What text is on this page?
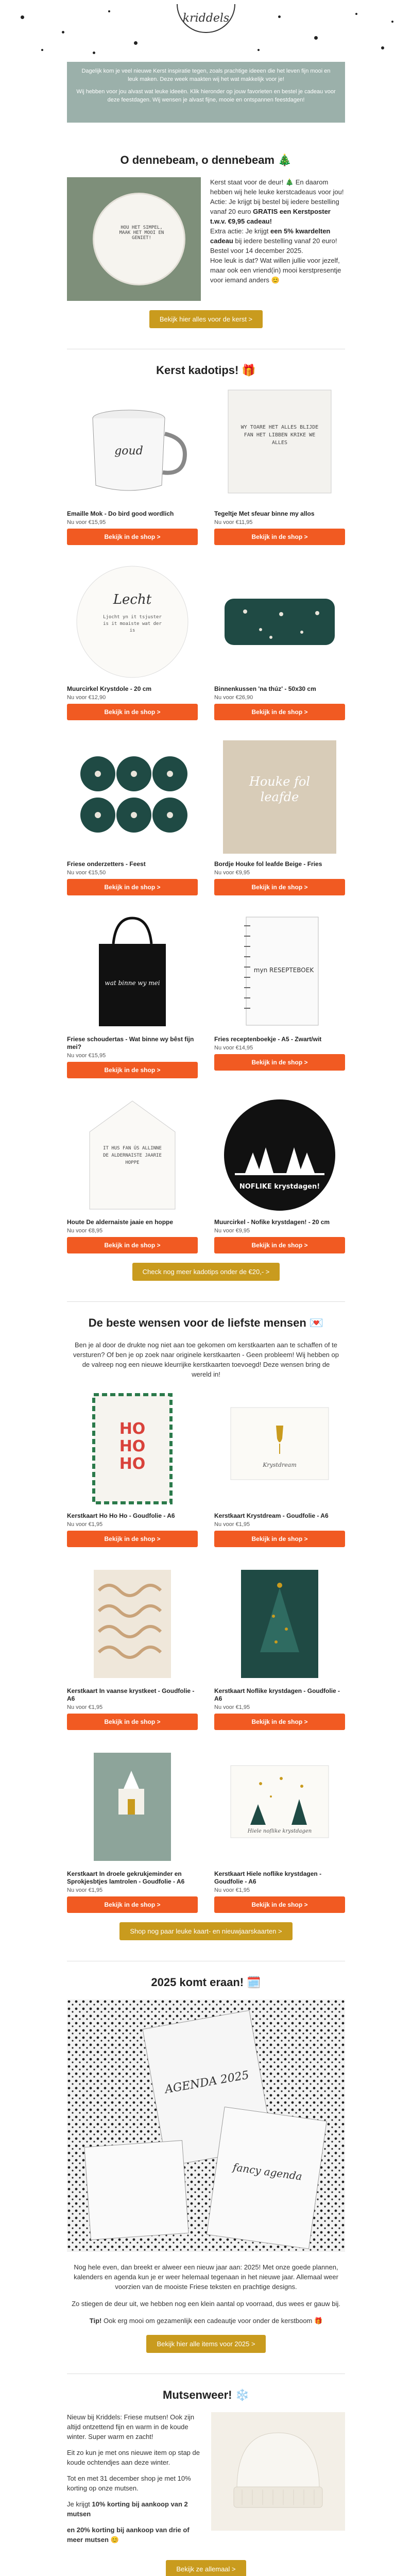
kriddels

Dagelijk kom je veel nieuwe Kerst inspiratie tegen, zoals prachtige ideeen die het leven fijn mooi en leuk maken. Deze week maakten wij het wat makkelijk voor je!

Wij hebben voor jou alvast wat leuke ideeën. Klik hieronder op jouw favorieten en bestel je cadeau voor deze feestdagen. Wij wensen je alvast fijne, mooie en ontspannen feestdagen!

O dennebeam, o dennebeam 🎄
HOU HET SIMPEL, MAAK HET MOOI EN GENIET!

Kerst staat voor de deur! 🎄 En daarom hebben wij hele leuke kerstcadeaus voor jou!

Actie: Je krijgt bij bestel bij iedere bestelling vanaf 20 euro GRATIS een Kerstposter t.w.v. €9,95 cadeau!

Extra actie: Je krijgt een 5% kwardelten cadeau bij iedere bestelling vanaf 20 euro! Bestel voor 14 december 2025.

Hoe leuk is dat? Wat willen jullie voor jezelf, maar ook een vriend(in) mooi kerstpresentje voor iemand anders 😊

Bekijk hier alles voor de kerst >
Kerst kadotips! 🎁
goud
Emaille Mok - Do bird good wordlich
Nu voor €15,95
Bekijk in de shop >
WY TOARE HET ALLES BLIJDE FAN HET LIBBEN KRIKE WE ALLES
Tegeltje Met sfeuar binne my allos
Nu voor €11,95
Bekijk in de shop >
Lecht
Ljocht yn it tsjuster is it moaiste wat der is
Muurcirkel Krystdole - 20 cm
Nu voor €12,90
Bekijk in de shop >
Binnenkussen 'na thúz' - 50x30 cm
Nu voor €26,90
Bekijk in de shop >
Friese onderzetters - Feest
Nu voor €15,50
Bekijk in de shop >
Houke fol leafde
Bordje Houke fol leafde Beige - Fries
Nu voor €9,95
Bekijk in de shop >
wat binne wy mei
Friese schoudertas - Wat binne wy bêst fijn mei?
Nu voor €15,95
Bekijk in de shop >
myn RESEPTEBOEK
Fries receptenboekje - A5 - Zwart/wit
Nu voor €14,95
Bekijk in de shop >
IT HUS FAN ÚS ALLINNE DE ALDERNAISTE JAARIE HOPPE
Houte De aldernaiste jaaie en hoppe
Nu voor €8,95
Bekijk in de shop >
NOFLIKE krystdagen!
Muurcirkel - Nofike krystdagen! - 20 cm
Nu voor €9,95
Bekijk in de shop >
Check nog meer kadotips onder de €20,- >
De beste wensen voor de liefste mensen 💌
Ben je al door de drukte nog niet aan toe gekomen om kerstkaarten aan te schaffen of te versturen? Of ben je op zoek naar originele kerstkaarten - Geen probleem! Wij hebben op de valreep nog een nieuwe kleurrijke kerstkaarten toevoegd! Deze wensen bring de wereld in!
HO HO HO
Kerstkaart Ho Ho Ho - Goudfolie - A6
Nu voor €1,95
Bekijk in de shop >
Krystdream
Kerstkaart Krystdream - Goudfolie - A6
Nu voor €1,95
Bekijk in de shop >
Kerstkaart In vaanse krystkeet - Goudfolie - A6
Nu voor €1,95
Bekijk in de shop >
Kerstkaart Noflike krystdagen - Goudfolie - A6
Nu voor €1,95
Bekijk in de shop >
Kerstkaart In droele gekrukjeminder en Sprokjesbtjes lamtrolen - Goudfolie - A6
Nu voor €1,95
Bekijk in de shop >
Hiele noflike krystdagen
Kerstkaart Hiele noflike krystdagen - Goudfolie - A6
Nu voor €1,95
Bekijk in de shop >
Shop nog paar leuke kaart- en nieuwjaarskaarten >
2025 komt eraan! 🗓️
AGENDA 2025
fancy agenda

Nog hele even, dan breekt er alweer een nieuw jaar aan: 2025! Met onze goede plannen, kalenders en agenda kun je er weer helemaal tegenaan in het nieuwe jaar. Allemaal weer voorzien van de mooiste Friese teksten en prachtige designs.

Zo stiegen de deur uit, we hebben nog een klein aantal op voorraad, dus wees er gauw bij.

Tip! Ook erg mooi om gezamenlijk een cadeautje voor onder de kerstboom 🎁

Bekijk hier alle items voor 2025 >
Mutsenweer! ❄️

Nieuw bij Kriddels: Friese mutsen! Ook zijn altijd ontzettend fijn en warm in de koude winter. Super warm en zacht!

Eit zo kun je met ons nieuwe item op stap de koude ochtendjes aan deze winter.

Tot en met 31 december shop je met 10% korting op onze mutsen.

Je krijgt 10% korting bij aankoop van 2 mutsen

en 20% korting bij aankoop van drie of meer mutsen 😊

Bekijk ze allemaal >
